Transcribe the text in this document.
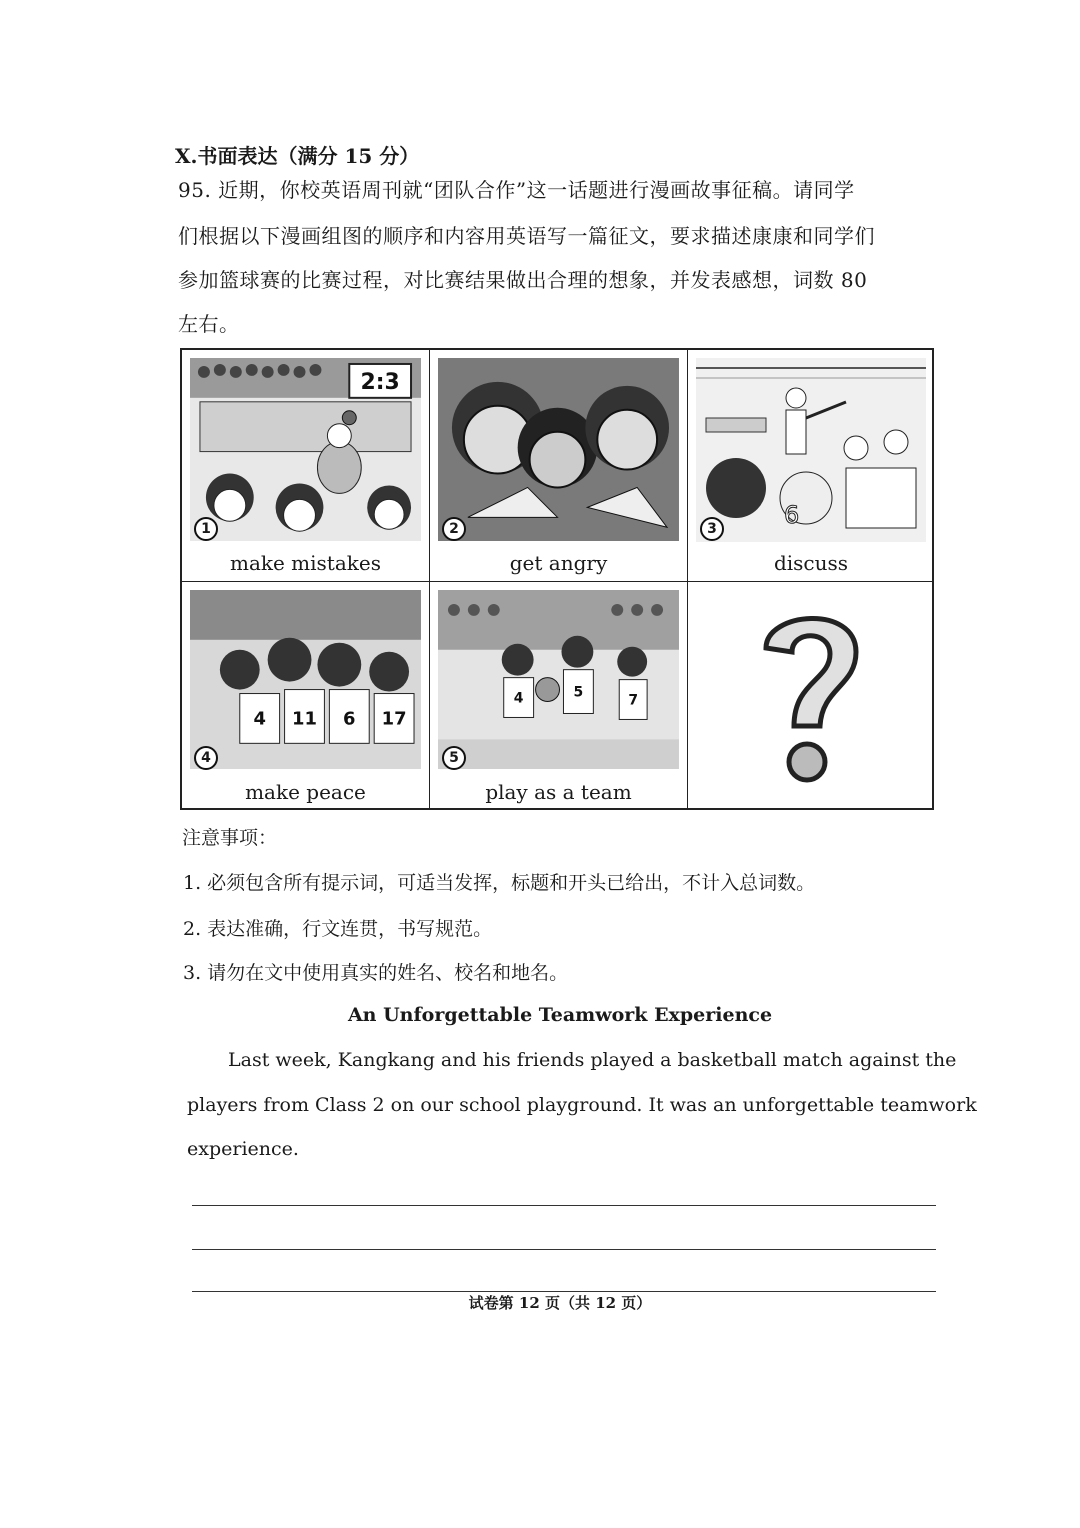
X.书面表达（满分 15 分）
95. 近期，你校英语周刊就“团队合作”这一话题进行漫画故事征稿。请同学
们根据以下漫画组图的顺序和内容用英语写一篇征文，要求描述康康和同学们
参加篮球赛的比赛过程，对比赛结果做出合理的想象，并发表感想，词数 80
左右。
2:3
1
make mistakes
2
get angry
6
3
discuss
4 11 6 17
4
make peace
4	5	7
5
play as a team
注意事项：
1. 必须包含所有提示词，可适当发挥，标题和开头已给出，不计入总词数。
2. 表达准确，行文连贯，书写规范。
3. 请勿在文中使用真实的姓名、校名和地名。
An Unforgettable Teamwork Experience
Last week, Kangkang and his friends played a basketball match against the
players from Class 2 on our school playground. It was an unforgettable teamwork
experience.
试卷第 12 页（共 12 页）
